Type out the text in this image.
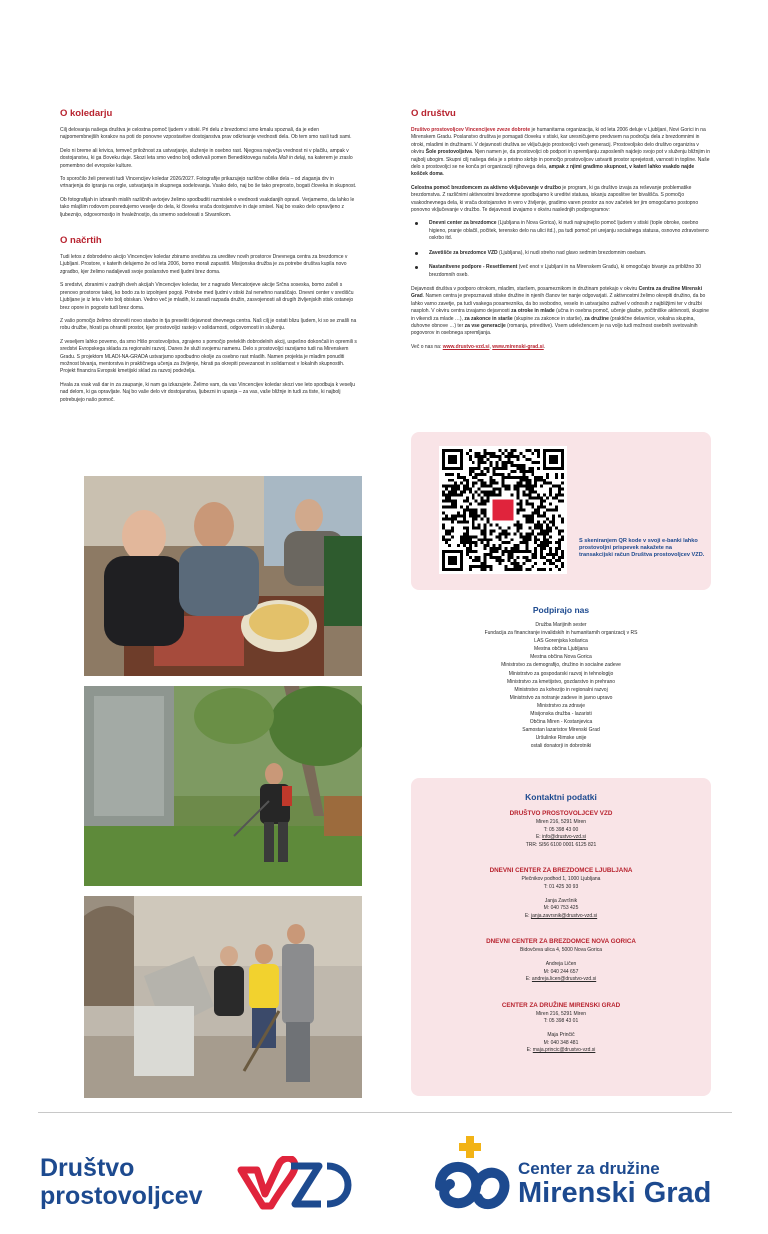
O koledarju

Cilj delovanja našega društva je celostna pomoč ljudem v stiski. Pri delu z brezdomci smo kmalu spoznali, da je eden najpomembnejših korakov na poti do ponovne vzpostavitve dostojanstva prav odkrivanje vrednosti dela. Ob tem smo rasli tudi sami.

Delo ni breme ali krivica, temveč priložnost za ustvarjanje, služenje in osebno rast. Njegova največja vrednost ni v plačilu, ampak v dostojanstvu, ki ga človeku daje. Skozi leta smo vedno bolj odkrivali pomen Benediktovega načela Moli in delaj, na katerem je zraslo pomembno del evropske kulture.

To sporočilo želi prenesti tudi Vincencijev koledar 2026/2027. Fotografije prikazujejo različne oblike dela – od zlaganja drv in vrtnarjenja do igranja na orgle, ustvarjanja in skupnega sodelovanja. Vsako delo, naj bo še tako preprosto, bogati človeka in skupnost.

Ob fotografijah in izbranih mislih različnih avtorjev želimo spodbuditi razmislek o vrednosti vsakdanjih opravil. Verjamemo, da lahko le tako mlajšim rodovom posredujemo veselje do dela, ki človeku vrača dostojanstvo in daje smisel. Naj bo vsako delo opravljeno z ljubeznijo, odgovornostjo in hvaležnostjo, da smemo sodelovati s Stvarnikom.

O načrtih

Tudi letos z dobrodelno akcijo Vincencijev koledar zbiramo sredstva za ureditev novih prostorov Dnevnega centra za brezdomce v Ljubljani. Prostore, v katerih delujemo že od leta 2006, bomo morali zapustiti. Misijonska družba je za potrebe društva kupila novo zgradbo, kjer želimo nadaljevati svoje poslanstvo med ljudmi brez doma.

S sredstvi, zbranimi v zadnjih dveh akcijah Vincencijev koledar, ter z nagrado Mercatorjeve akcije Srčna soseska, bomo začeli s prenovo prostorov takoj, ko bodo za to izpolnjeni pogoji. Potrebe med ljudmi v stiski žal nenehno naraščajo. Dnevni center v središču Ljubljane je iz leta v leto bolj obiskan. Vedno več je mladih, ki zaradi razpada družin, zasvojenosti ali drugih življenjskih stisk ostanejo brez opore in pogosto tudi brez doma.

Z vašo pomočjo želimo obnoviti novo stavbo in tja preseliti dejavnost dnevnega centra. Naš cilj je ostati blizu ljudem, ki so se znašli na robu družbe, hkrati pa ohraniti prostor, kjer prostovoljci rastejo v solidarnosti, odgovornosti in služenju.

Z veseljem lahko povemo, da smo Hišo prostovoljstva, zgrajeno s pomočjo preteklih dobrodelnih akcij, uspešno dokončali in opremili s sredstvi Evropskega sklada za regionalni razvoj. Danes že služi svojemu namenu. Delo s prostovoljci razvijamo tudi na Mirenskem Gradu. S projektom MLADI-NA-GRADA ustvarjamo spodbudno okolje za osebno rast mladih. Namen projekta je mladim ponuditi možnost bivanja, mentorstva in praktičnega učenja za življenje, hkrati pa okrepiti povezanost in solidarnost v lokalnih skupnostih. Projekt financira Evropski kmetijski sklad za razvoj podeželja.

Hvala za vsak vaš dar in za zaupanje, ki nam ga izkazujete. Želimo vam, da vas Vincencijev koledar skozi vse leto spodbuja k veselju nad delom, ki ga opravljate. Naj bo vaše delo vir dostojanstva, ljubezni in upanja – za vas, vaše bližnje in tudi za tiste, ki najbolj potrebujejo našo pomoč.

O društvu

Društvo prostovoljcev Vincencijeve zveze dobrote je humanitarna organizacija, ki od leta 2006 deluje v Ljubljani, Novi Gorici in na Mirenskem Gradu. Poslanstvo društva je pomagati človeku v stiski, kar uresničujemo predvsem na področju dela z brezdomnimi in otroki, mladimi in družinami. V dejavnosti društva se vključujejo prostovoljci vseh generacij. Prostovoljsko delo društvo organizira v okviru Šole prostovoljstva. Njen namen je, da prostovoljci ob podpori in spremljanju zaposlenih najdejo svojo pot v služenju bližnjim in najbolj ubogim. Skupni cilj našega dela je s pristno skrbjo in pomočjo prostovoljcev ustvariti prostor sprejetosti, varnosti in topline. Naše delo s prostovoljci se ne konča pri organizaciji njihovega dela, ampak z njimi gradimo skupnost, v kateri lahko vsakdo najde košček doma.

Celostna pomoč brezdomcem za aktivno vključevanje v družbo je program, ki ga društvo izvaja za reševanje problematike brezdomstva. Z različnimi aktivnostmi brezdomne spodbujamo k ureditvi statusa, iskanju zaposlitve ter bivališča. S pomočjo vsakodnevnega dela, ki vrača dostojanstvo in vero v življenje, gradimo varen prostor za nov začetek ter jim omogočamo postopno ponovno vključevanje v družbo. Te dejavnosti izvajamo v okviru naslednjih podprogramov:

Dnevni center za brezdomce (Ljubljana in Nova Gorica), ki nudi najnujnejšo pomoč ljudem v stiski (tople obroke, osebno higieno, pranje oblačil, počitek, terensko delo na ulici itd.), pa tudi pomoč pri urejanju socialnega statusa, osnovno zdravstveno oskrbo itd.
Zavetišče za brezdomce VZD (Ljubljana), ki nudi streho nad glavo sedmim brezdomnim osebam.
Nastanitvene podpore - Resettlement (več enot v Ljubljani in na Mirenskem Gradu), ki omogočajo bivanje za približno 30 brezdomnih oseb.

Dejavnosti društva v podporo otrokom, mladim, staršem, posameznikom in družinam potekajo v okviru Centra za družine Mirenski Grad. Namen centra je prepoznavati stiske družine in njenih članov ter nanje odgovarjati. Z aktivnostmi želimo okrepiti družino, da bo lahko varno zavetje, pa tudi vsakega posameznika, da bo svobodno, veselo in ustvarjalno zaživel v odnosih z najbližjimi ter v družbi nasploh. V okviru centra izvajamo dejavnosti za otroke in mlade (učna in osebna pomoč, učenje glasbe, počitniške aktivnosti, skupine in vikendi za mlade …), za zakonce in starše (skupine za zakonce in starše), za družine (praktične delavnice, vokalna skupina, duhovne obnove …) ter za vse generacije (romanja, prireditve). Vsem udeležencem je na voljo tudi možnost osebnih svetovalnih pogovorov in osebnega spremljanja.

Več o nas na: www.drustvo-vzd.si, www.mirenski-grad.si.

S skeniranjem QR kode v svoji e-banki lahko prostovoljni prispevek nakažete na transakcijski račun Društva prostovoljcev VZD.
Podpirajo nas
Družba Marijinih sester
Fundacija za financiranje invalidskih in humanitarnih organizacij v RS
LAS Gorenjska košarica
Mestna občina Ljubljana
Mestna občina Nova Gorica
Ministrstvo za demografijo, družino in socialne zadeve
Ministrstvo za gospodarski razvoj in tehnologijo
Ministrstvo za kmetijstvo, gozdarstvo in prehrano
Ministrstvo za kohezijo in regionalni razvoj
Ministrstvo za notranje zadeve in javno upravo
Ministrstvo za zdravje
Misijonska družba - lazaristi
Občina Miren - Kostanjevica
Samostan lazaristov Mirenski Grad
Uršulinke Rimske unije
ostali donatorji in dobrotniki
Kontaktni podatki
DRUŠTVO PROSTOVOLJCEV VZD
Miren 216, 5291 Miren
T: 05 398 43 00
E: info@drustvo-vzd.si
TRR: SI56 6100 0001 6125 821
DNEVNI CENTER ZA BREZDOMCE LJUBLJANA
Plečnikov podhod 1, 1000 Ljubljana
T: 01 425 30 93
Janja Završnik
M: 040 753 425
E: janja.zavrsnik@drustvo-vzd.si
DNEVNI CENTER ZA BREZDOMCE NOVA GORICA
Bidovčeva ulica 4, 5000 Nova Gorica
Andreja Ličen
M: 040 244 657
E: andreja.licen@drustvo-vzd.si
CENTER ZA DRUŽINE MIRENSKI GRAD
Miren 216, 5291 Miren
T: 05 398 43 01
Maja Prinčič
M: 040 348 481
E: maja.princic@drustvo-vzd.si
Društvo
prostovoljcev
Center za družine
Mirenski Grad
